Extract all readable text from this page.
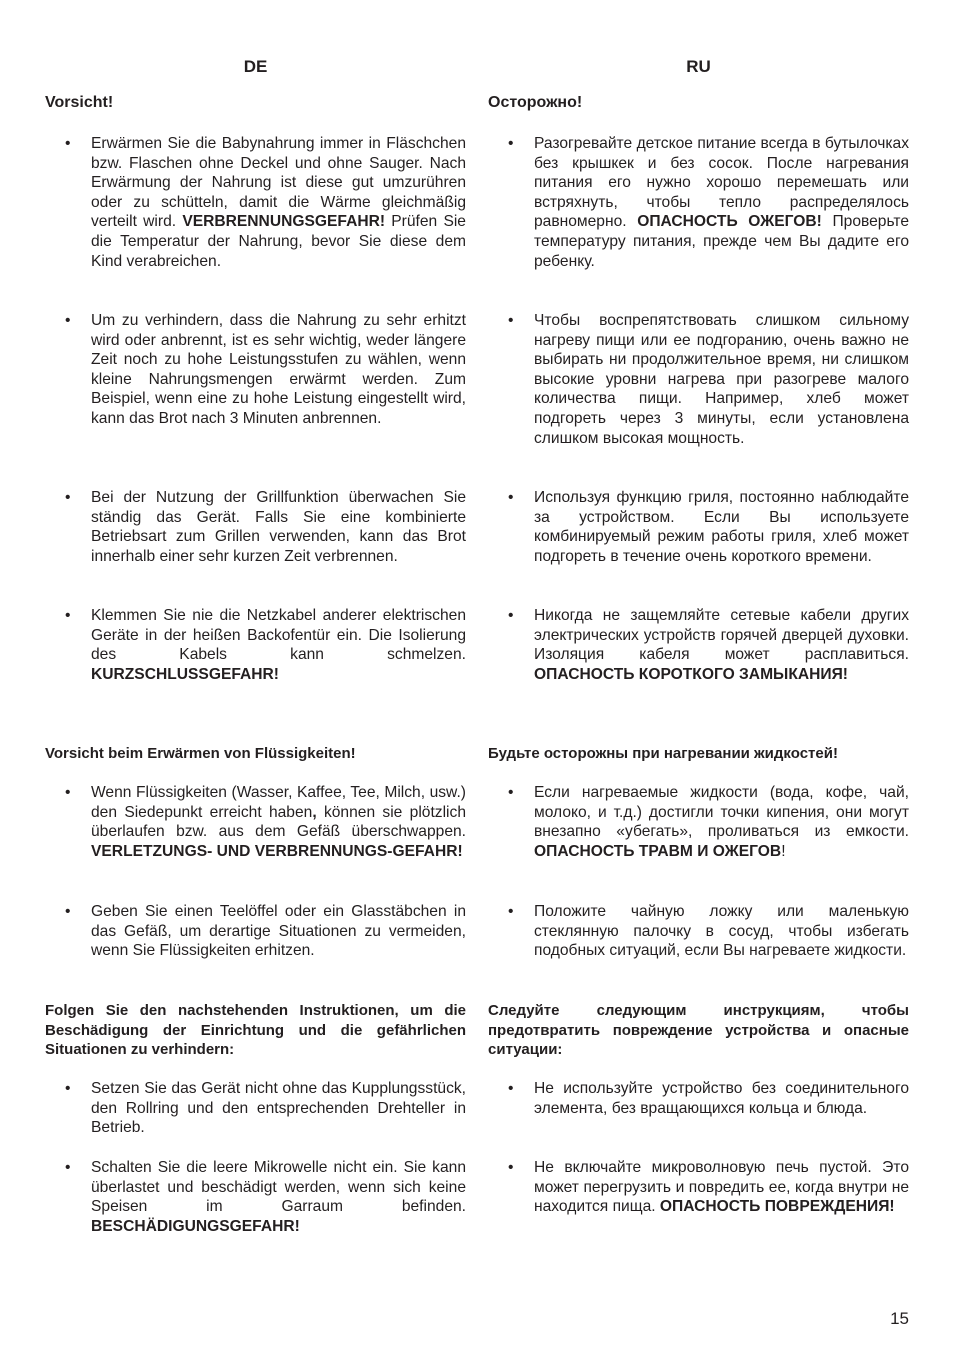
DE
Vorsicht!
• Erwärmen Sie die Babynahrung immer in Fläschchen bzw. Flaschen ohne Deckel und ohne Sauger. Nach Erwärmung der Nahrung ist diese gut umzurühren oder zu schütteln, damit die Wärme gleichmäßig verteilt wird. VERBRENNUNGSGEFAHR! Prüfen Sie die Temperatur der Nahrung, bevor Sie diese dem Kind verabreichen.
• Um zu verhindern, dass die Nahrung zu sehr erhitzt wird oder anbrennt, ist es sehr wichtig, weder längere Zeit noch zu hohe Leistungsstufen zu wählen, wenn kleine Nahrungsmengen erwärmt werden. Zum Beispiel, wenn eine zu hohe Leistung eingestellt wird, kann das Brot nach 3 Minuten anbrennen.
• Bei der Nutzung der Grillfunktion überwachen Sie ständig das Gerät. Falls Sie eine kombinierte Betriebsart zum Grillen verwenden, kann das Brot innerhalb einer sehr kurzen Zeit verbrennen.
• Klemmen Sie nie die Netzkabel anderer elektrischen Geräte in der heißen Backofentür ein. Die Isolierung des Kabels kann schmelzen. KURZSCHLUSSGEFAHR!
Vorsicht beim Erwärmen von Flüssigkeiten!
• Wenn Flüssigkeiten (Wasser, Kaffee, Tee, Milch, usw.) den Siedepunkt erreicht haben, können sie plötzlich überlaufen bzw. aus dem Gefäß überschwappen. VERLETZUNGS- UND VERBRENNUNGS-GEFAHR!
• Geben Sie einen Teelöffel oder ein Glasstäbchen in das Gefäß, um derartige Situationen zu vermeiden, wenn Sie Flüssigkeiten erhitzen.
Folgen Sie den nachstehenden Instruktionen, um die Beschädigung der Einrichtung und die gefährlichen Situationen zu verhindern:
• Setzen Sie das Gerät nicht ohne das Kupplungsstück, den Rollring und den entsprechenden Drehteller in Betrieb.
• Schalten Sie die leere Mikrowelle nicht ein. Sie kann überlastet und beschädigt werden, wenn sich keine Speisen im Garraum befinden. BESCHÄDIGUNGSGEFAHR!
RU
Осторожно!
• Разогревайте детское питание всегда в бутылочках без крышкек и без сосок. После нагревания питания его нужно хорошо перемешать или встряхнуть, чтобы тепло распределялось равномерно. ОПАСНОСТЬ ОЖЕГОВ! Проверьте температуру питания, прежде чем Вы дадите его ребенку.
• Чтобы воспрепятствовать слишком сильному нагреву пищи или ее подгоранию, очень важно не выбирать ни продолжительное время, ни слишком высокие уровни нагрева при разогреве малого количества пищи. Например, хлеб может подгореть через 3 минуты, если установлена слишком высокая мощность.
• Используя функцию гриля, постоянно наблюдайте за устройством. Если Вы используете комбинируемый режим работы гриля, хлеб может подгореть в течение очень короткого времени.
• Никогда не защемляйте сетевые кабели других электрических устройств горячей дверцей духовки. Изоляция кабеля может расплавиться. ОПАСНОСТЬ КОРОТКОГО ЗАМЫКАНИЯ!
Будьте осторожны при нагревании жидкостей!
• Если нагреваемые жидкости (вода, кофе, чай, молоко, и т.д.) достигли точки кипения, они могут внезапно «убегать», проливаться из емкости. ОПАСНОСТЬ ТРАВМ И ОЖЕГОВ!
• Положите чайную ложку или маленькую стеклянную палочку в сосуд, чтобы избегать подобных ситуаций, если Вы нагреваете жидкости.
Следуйте следующим инструкциям, чтобы предотвратить повреждение устройства и опасные ситуации:
• Не используйте устройство без соединительного элемента, без вращающихся кольца и блюда.
• Не включайте микроволновую печь пустой. Это может перегрузить и повредить ее, когда внутри не находится пища. ОПАСНОСТЬ ПОВРЕЖДЕНИЯ!
15
